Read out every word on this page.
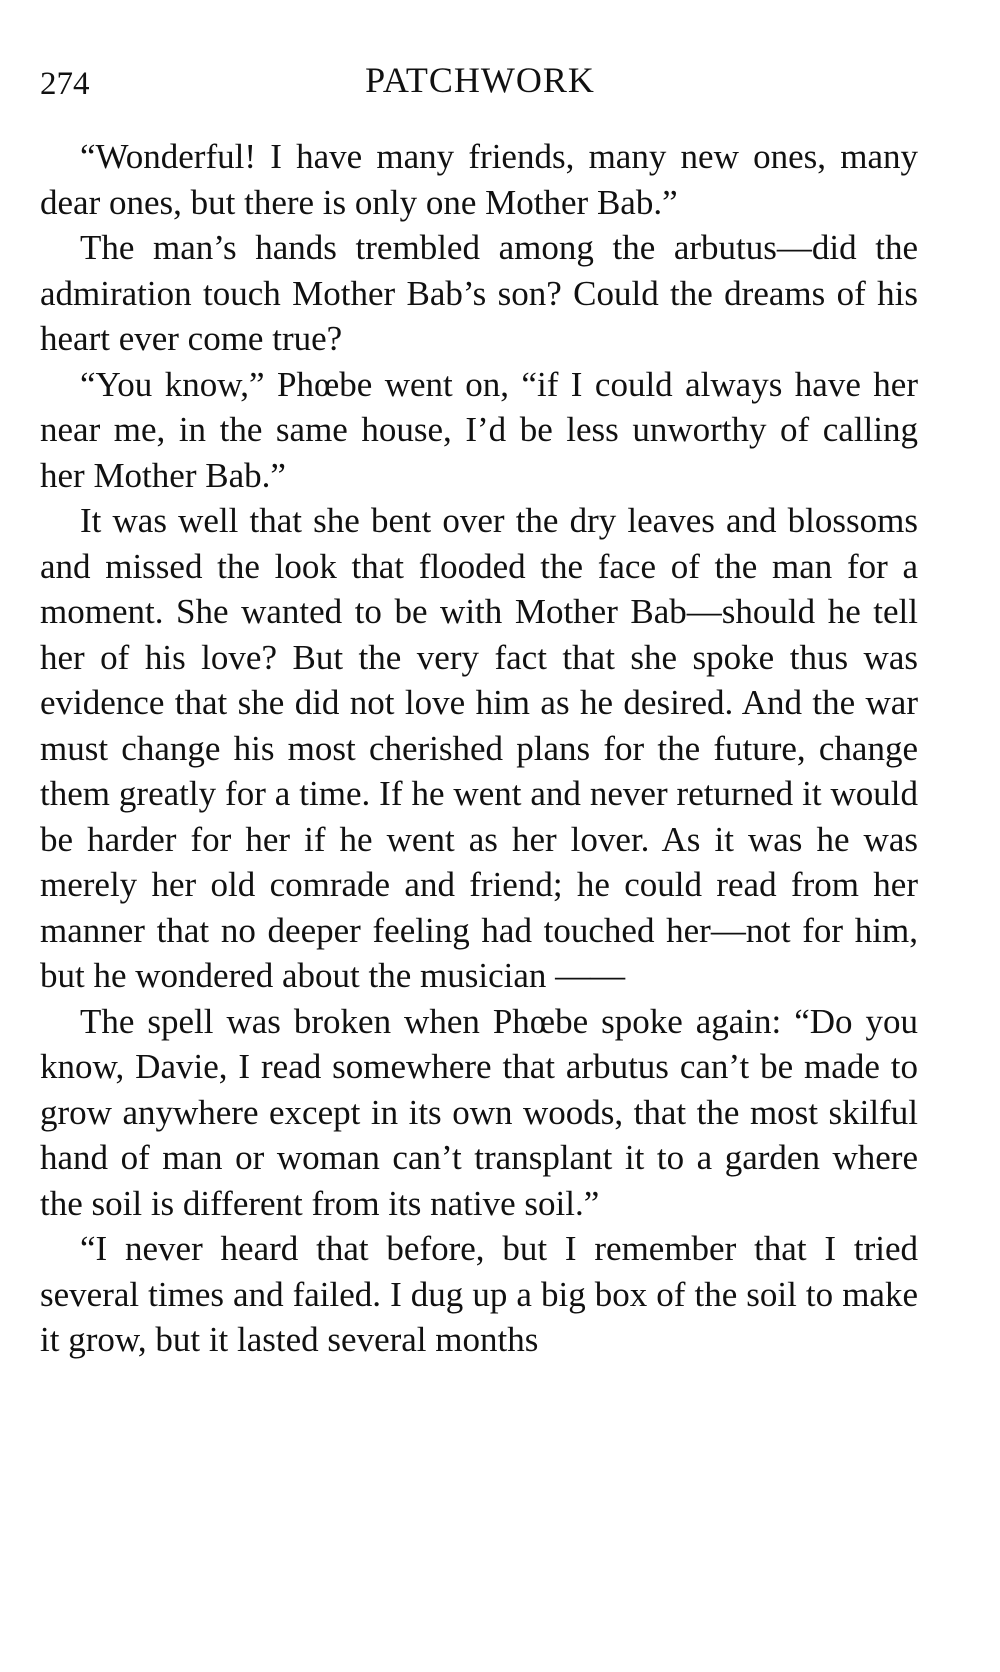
274	PATCHWORK

“Wonderful! I have many friends, many new ones, many dear ones, but there is only one Mother Bab.”

The man’s hands trembled among the arbutus—did the admiration touch Mother Bab’s son? Could the dreams of his heart ever come true?

“You know,” Phœbe went on, “if I could always have her near me, in the same house, I’d be less unworthy of calling her Mother Bab.”

It was well that she bent over the dry leaves and blossoms and missed the look that flooded the face of the man for a moment. She wanted to be with Mother Bab—should he tell her of his love? But the very fact that she spoke thus was evidence that she did not love him as he desired. And the war must change his most cherished plans for the future, change them greatly for a time. If he went and never returned it would be harder for her if he went as her lover. As it was he was merely her old comrade and friend; he could read from her manner that no deeper feeling had touched her—not for him, but he wondered about the musician ——

The spell was broken when Phœbe spoke again: “Do you know, Davie, I read somewhere that arbutus can’t be made to grow anywhere except in its own woods, that the most skilful hand of man or woman can’t transplant it to a garden where the soil is different from its native soil.”

“I never heard that before, but I remember that I tried several times and failed. I dug up a big box of the soil to make it grow, but it lasted several months
